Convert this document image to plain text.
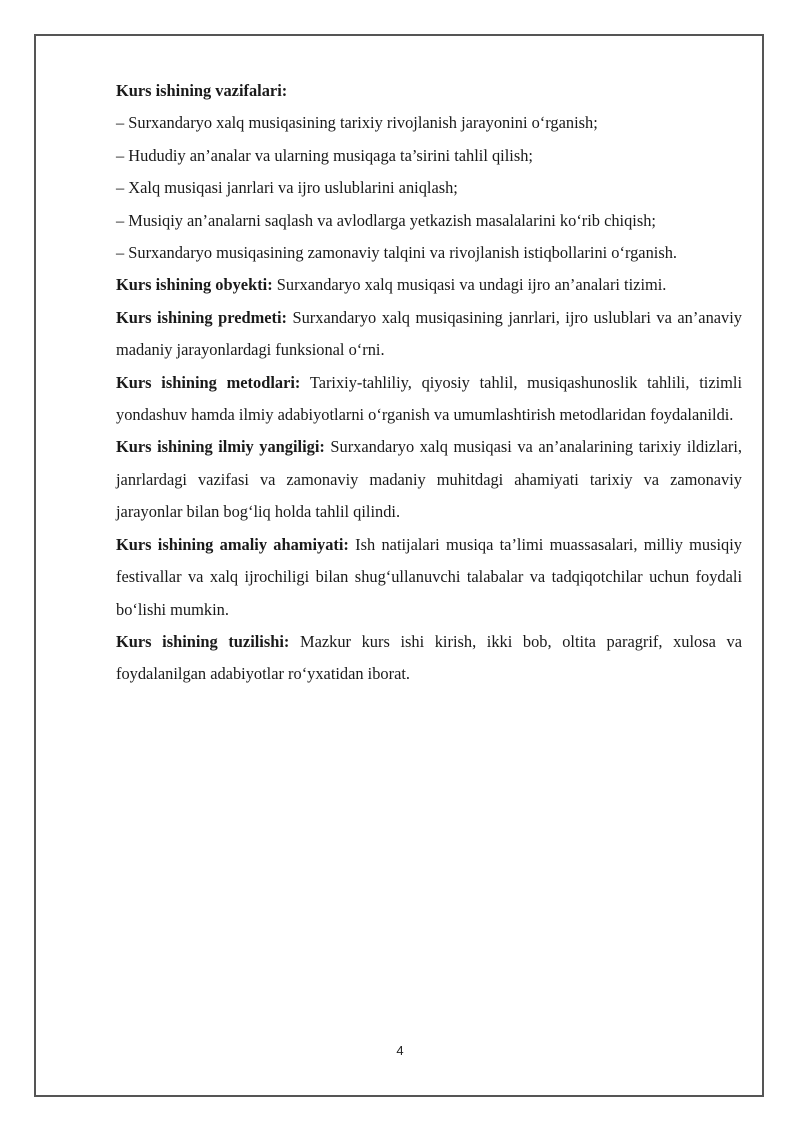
Kurs ishining vazifalari:

– Surxandaryo xalq musiqasining tarixiy rivojlanish jarayonini o‘rganish;

– Hududiy an’analar va ularning musiqaga ta’sirini tahlil qilish;

– Xalq musiqasi janrlari va ijro uslublarini aniqlash;

– Musiqiy an’analarni saqlash va avlodlarga yetkazish masalalarini ko‘rib chiqish;

– Surxandaryo musiqasining zamonaviy talqini va rivojlanish istiqbollarini o‘rganish.

Kurs ishining obyekti: Surxandaryo xalq musiqasi va undagi ijro an’analari tizimi.

Kurs ishining predmeti: Surxandaryo xalq musiqasining janrlari, ijro uslublari va an’anaviy madaniy jarayonlardagi funksional o‘rni.

Kurs ishining metodlari: Tarixiy-tahliliy, qiyosiy tahlil, musiqashunoslik tahlili, tizimli yondashuv hamda ilmiy adabiyotlarni o‘rganish va umumlashtirish metodlaridan foydalanildi.

Kurs ishining ilmiy yangiligi: Surxandaryo xalq musiqasi va an’analarining tarixiy ildizlari, janrlardagi vazifasi va zamonaviy madaniy muhitdagi ahamiyati tarixiy va zamonaviy jarayonlar bilan bog‘liq holda tahlil qilindi.

Kurs ishining amaliy ahamiyati: Ish natijalari musiqa ta’limi muassasalari, milliy musiqiy festivallar va xalq ijrochiligi bilan shug‘ullanuvchi talabalar va tadqiqotchilar uchun foydali bo‘lishi mumkin.

Kurs ishining tuzilishi: Mazkur kurs ishi kirish, ikki bob, oltita paragrif, xulosa va foydalanilgan adabiyotlar ro‘yxatidan iborat.

4
